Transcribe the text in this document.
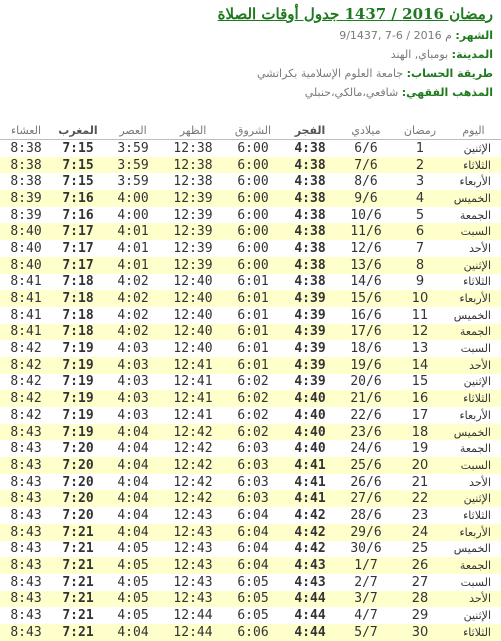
رمضان 2016 / 1437 جدول أوقات الصلاة
الشهر: 9/1437, 7-6 / 2016 م
المدينة: بومباي, الهند
طريقة الحساب: جامعة العلوم الإسلامية بكراتشي
المذهب الفقهي: شافعي،مالكي،حنبلي
العشاء	المغرب	العصر	الظهر	الشروق	الفجر	ميلادي	رمضان	اليوم
8:38	7:15	3:59	12:38	6:00	4:38	6/6	1	الإثنين
8:38	7:15	3:59	12:38	6:00	4:38	7/6	2	الثلاثاء
8:38	7:15	3:59	12:38	6:00	4:38	8/6	3	الأربعاء
8:39	7:16	4:00	12:39	6:00	4:38	9/6	4	الخميس
8:39	7:16	4:00	12:39	6:00	4:38	10/6	5	الجمعة
8:40	7:17	4:01	12:39	6:00	4:38	11/6	6	السبت
8:40	7:17	4:01	12:39	6:00	4:38	12/6	7	الأحد
8:40	7:17	4:01	12:39	6:00	4:38	13/6	8	الإثنين
8:41	7:18	4:02	12:40	6:01	4:38	14/6	9	الثلاثاء
8:41	7:18	4:02	12:40	6:01	4:39	15/6	10	الأربعاء
8:41	7:18	4:02	12:40	6:01	4:39	16/6	11	الخميس
8:41	7:18	4:02	12:40	6:01	4:39	17/6	12	الجمعة
8:42	7:19	4:03	12:40	6:01	4:39	18/6	13	السبت
8:42	7:19	4:03	12:41	6:01	4:39	19/6	14	الأحد
8:42	7:19	4:03	12:41	6:02	4:39	20/6	15	الإثنين
8:42	7:19	4:03	12:41	6:02	4:40	21/6	16	الثلاثاء
8:42	7:19	4:03	12:41	6:02	4:40	22/6	17	الأربعاء
8:43	7:19	4:04	12:42	6:02	4:40	23/6	18	الخميس
8:43	7:20	4:04	12:42	6:03	4:40	24/6	19	الجمعة
8:43	7:20	4:04	12:42	6:03	4:41	25/6	20	السبت
8:43	7:20	4:04	12:42	6:03	4:41	26/6	21	الأحد
8:43	7:20	4:04	12:42	6:03	4:41	27/6	22	الإثنين
8:43	7:20	4:04	12:43	6:04	4:42	28/6	23	الثلاثاء
8:43	7:21	4:04	12:43	6:04	4:42	29/6	24	الأربعاء
8:43	7:21	4:05	12:43	6:04	4:42	30/6	25	الخميس
8:43	7:21	4:05	12:43	6:04	4:43	1/7	26	الجمعة
8:43	7:21	4:05	12:43	6:05	4:43	2/7	27	السبت
8:43	7:21	4:05	12:43	6:05	4:44	3/7	28	الأحد
8:43	7:21	4:05	12:44	6:05	4:44	4/7	29	الإثنين
8:43	7:21	4:04	12:44	6:06	4:44	5/7	30	الثلاثاء
